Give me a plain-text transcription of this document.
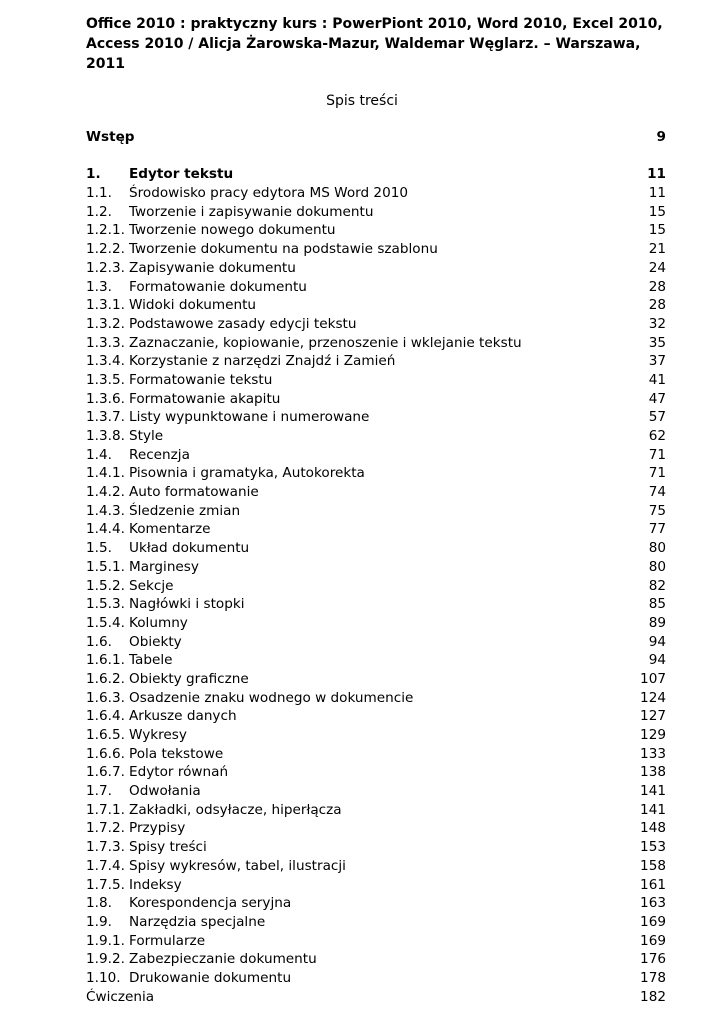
Office 2010 : praktyczny kurs : PowerPiont 2010, Word 2010, Excel 2010, Access 2010 / Alicja Żarowska-Mazur, Waldemar Węglarz. – Warszawa, 2011

Spis treści
Wstęp	9
1. Edytor tekstu	11
1.1. Środowisko pracy edytora MS Word 2010	11
1.2. Tworzenie i zapisywanie dokumentu	15
1.2.1. Tworzenie nowego dokumentu	15
1.2.2. Tworzenie dokumentu na podstawie szablonu	21
1.2.3. Zapisywanie dokumentu	24
1.3. Formatowanie dokumentu	28
1.3.1. Widoki dokumentu	28
1.3.2. Podstawowe zasady edycji tekstu	32
1.3.3. Zaznaczanie, kopiowanie, przenoszenie i wklejanie tekstu	35
1.3.4. Korzystanie z narzędzi Znajdź i Zamień	37
1.3.5. Formatowanie tekstu	41
1.3.6. Formatowanie akapitu	47
1.3.7. Listy wypunktowane i numerowane	57
1.3.8. Style	62
1.4. Recenzja	71
1.4.1. Pisownia i gramatyka, Autokorekta	71
1.4.2. Auto formatowanie	74
1.4.3. Śledzenie zmian	75
1.4.4. Komentarze	77
1.5. Układ dokumentu	80
1.5.1. Marginesy	80
1.5.2. Sekcje	82
1.5.3. Nagłówki i stopki	85
1.5.4. Kolumny	89
1.6. Obiekty	94
1.6.1. Tabele	94
1.6.2. Obiekty graficzne	107
1.6.3. Osadzenie znaku wodnego w dokumencie	124
1.6.4. Arkusze danych	127
1.6.5. Wykresy	129
1.6.6. Pola tekstowe	133
1.6.7. Edytor równań	138
1.7. Odwołania	141
1.7.1. Zakładki, odsyłacze, hiperłącza	141
1.7.2. Przypisy	148
1.7.3. Spisy treści	153
1.7.4. Spisy wykresów, tabel, ilustracji	158
1.7.5. Indeksy	161
1.8. Korespondencja seryjna	163
1.9. Narzędzia specjalne	169
1.9.1. Formularze	169
1.9.2. Zabezpieczanie dokumentu	176
1.10. Drukowanie dokumentu	178
Ćwiczenia	182
